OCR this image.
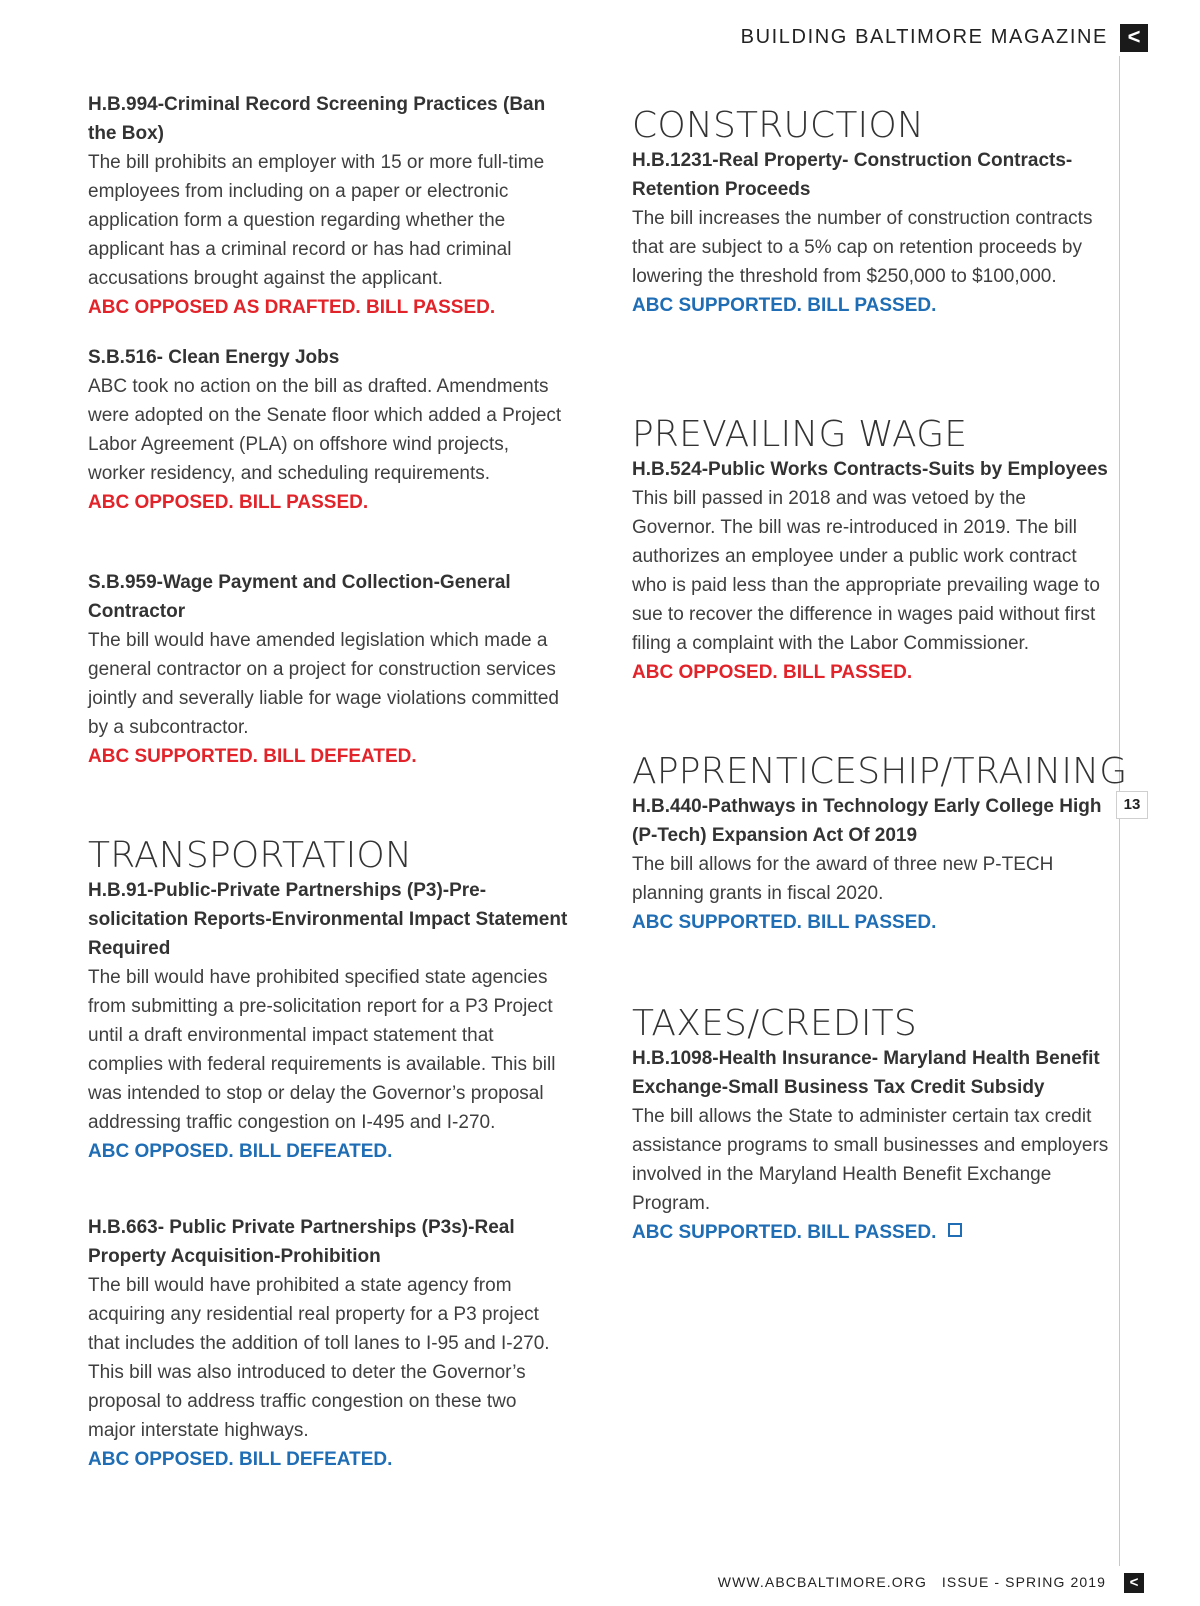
BUILDING BALTIMORE MAGAZINE <
13
H.B.994-Criminal Record Screening Practices (Ban the Box)
The bill prohibits an employer with 15 or more full-time employees from including on a paper or electronic application form a question regarding whether the applicant has a criminal record or has had criminal accusations brought against the applicant.
ABC OPPOSED AS DRAFTED. BILL PASSED.
S.B.516- Clean Energy Jobs
ABC took no action on the bill as drafted. Amendments were adopted on the Senate floor which added a Project Labor Agreement (PLA) on offshore wind projects, worker residency, and scheduling requirements.
ABC OPPOSED. BILL PASSED.
S.B.959-Wage Payment and Collection-General Contractor
The bill would have amended legislation which made a general contractor on a project for construction services jointly and severally liable for wage violations committed by a subcontractor.
ABC SUPPORTED. BILL DEFEATED.
TRANSPORTATION
H.B.91-Public-Private Partnerships (P3)-Pre-solicitation Reports-Environmental Impact Statement Required
The bill would have prohibited specified state agencies from submitting a pre-solicitation report for a P3 Project until a draft environmental impact statement that complies with federal requirements is available. This bill was intended to stop or delay the Governor’s proposal addressing traffic congestion on I-495 and I-270.
ABC OPPOSED. BILL DEFEATED.
H.B.663- Public Private Partnerships (P3s)-Real Property Acquisition-Prohibition
The bill would have prohibited a state agency from acquiring any residential real property for a P3 project that includes the addition of toll lanes to I-95 and I-270. This bill was also introduced to deter the Governor’s proposal to address traffic congestion on these two major interstate highways.
ABC OPPOSED. BILL DEFEATED.
CONSTRUCTION
H.B.1231-Real Property- Construction Contracts-Retention Proceeds
The bill increases the number of construction contracts that are subject to a 5% cap on retention proceeds by lowering the threshold from $250,000 to $100,000.
ABC SUPPORTED. BILL PASSED.
PREVAILING WAGE
H.B.524-Public Works Contracts-Suits by Employees
This bill passed in 2018 and was vetoed by the Governor. The bill was re-introduced in 2019. The bill authorizes an employee under a public work contract who is paid less than the appropriate prevailing wage to sue to recover the difference in wages paid without first filing a complaint with the Labor Commissioner.
ABC OPPOSED. BILL PASSED.
APPRENTICESHIP/TRAINING
H.B.440-Pathways in Technology Early College High (P-Tech) Expansion Act Of 2019
The bill allows for the award of three new P-TECH planning grants in fiscal 2020.
ABC SUPPORTED. BILL PASSED.
TAXES/CREDITS
H.B.1098-Health Insurance- Maryland Health Benefit Exchange-Small Business Tax Credit Subsidy
The bill allows the State to administer certain tax credit assistance programs to small businesses and employers involved in the Maryland Health Benefit Exchange Program.
ABC SUPPORTED. BILL PASSED.
WWW.ABCBALTIMORE.ORG   ISSUE - SPRING 2019	<
